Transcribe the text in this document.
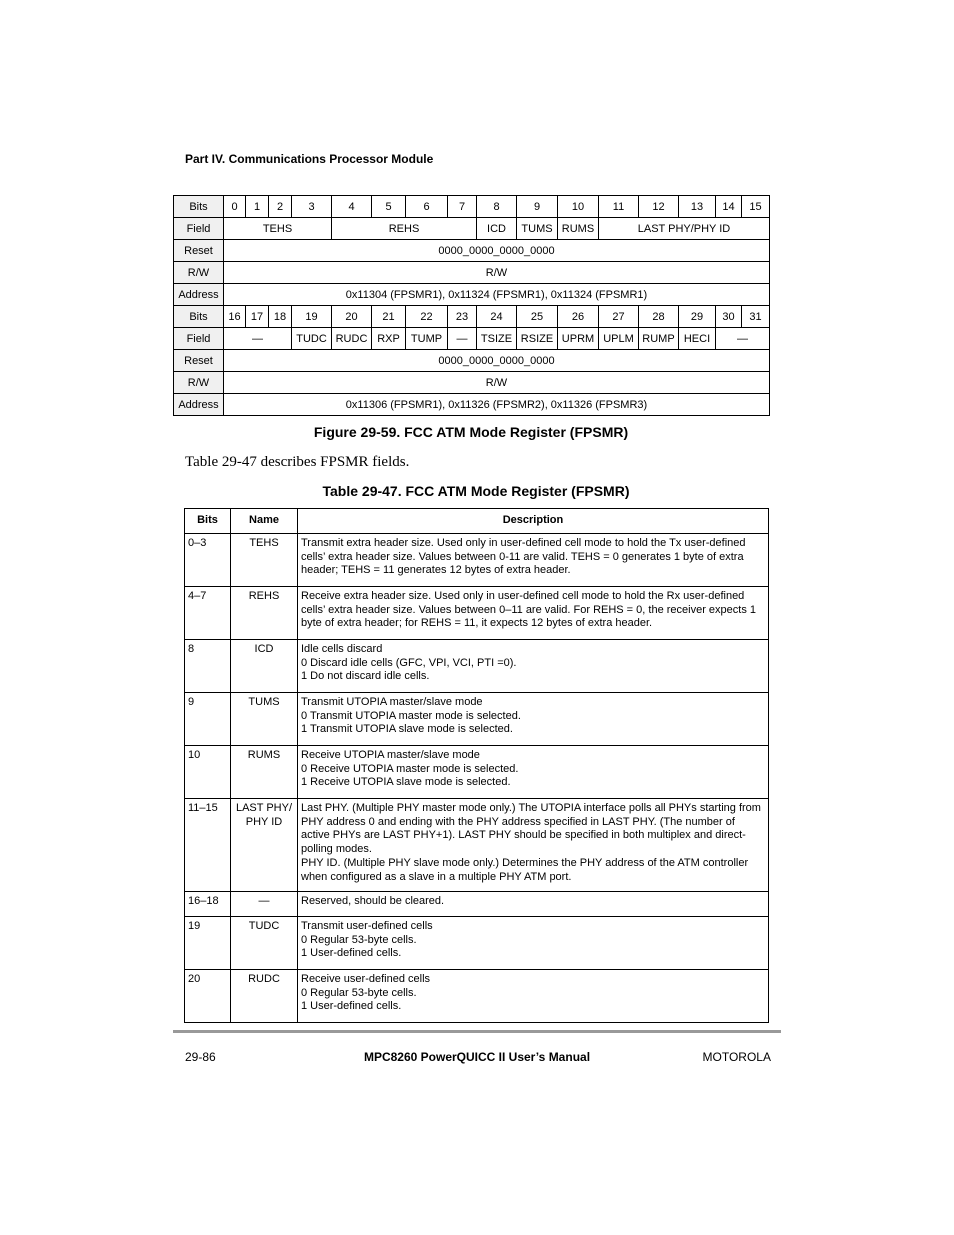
Part IV. Communications Processor Module
Bits	0	1	2	3	4	5	6	7	8	9	10	11	12	13	14	15
Field	TEHS				REHS				ICD	TUMS	RUMS	LAST PHY/PHY ID				
Reset	0000_0000_0000_0000															
R/W	R/W															
Address	0x11304 (FPSMR1), 0x11324 (FPSMR1), 0x11324 (FPSMR1)															
Bits	16	17	18	19	20	21	22	23	24	25	26	27	28	29	30	31
Field	—			TUDC	RUDC	RXP	TUMP	—	TSIZE	RSIZE	UPRM	UPLM	RUMP	HECI	—	
Reset	0000_0000_0000_0000															
R/W	R/W															
Address	0x11306 (FPSMR1), 0x11326 (FPSMR2), 0x11326 (FPSMR3)															
Figure 29-59. FCC ATM Mode Register (FPSMR)
Table 29-47 describes FPSMR fields.
Table 29-47. FCC ATM Mode Register (FPSMR)
Bits	Name	Description
0–3	TEHS	Transmit extra header size. Used only in user-defined cell mode to hold the Tx user-defined cells’ extra header size. Values between 0-11 are valid. TEHS = 0 generates 1 byte of extra header; TEHS = 11 generates 12 bytes of extra header.

4–7	REHS	Receive extra header size. Used only in user-defined cell mode to hold the Rx user-defined cells’ extra header size. Values between 0–11 are valid. For REHS = 0, the receiver expects 1 byte of extra header; for REHS = 11, it expects 12 bytes of extra header.

8	ICD	Idle cells discard

0 Discard idle cells (GFC, VPI, VCI, PTI =0).

1 Do not discard idle cells.

9	TUMS	Transmit UTOPIA master/slave mode

0 Transmit UTOPIA master mode is selected.

1 Transmit UTOPIA slave mode is selected.

10	RUMS	Receive UTOPIA master/slave mode

0 Receive UTOPIA master mode is selected.

1 Receive UTOPIA slave mode is selected.

11–15	LAST PHY/ PHY ID	Last PHY. (Multiple PHY master mode only.) The UTOPIA interface polls all PHYs starting from PHY address 0 and ending with the PHY address specified in LAST PHY. (The number of active PHYs are LAST PHY+1). LAST PHY should be specified in both multiplex and direct-polling modes.

PHY ID. (Multiple PHY slave mode only.) Determines the PHY address of the ATM controller when configured as a slave in a multiple PHY ATM port.

16–18	—	Reserved, should be cleared.

19	TUDC	Transmit user-defined cells

0 Regular 53-byte cells.

1 User-defined cells.

20	RUDC	Receive user-defined cells

0 Regular 53-byte cells.

1 User-defined cells.

29-86	MPC8260 PowerQUICC II User’s Manual	MOTOROLA
